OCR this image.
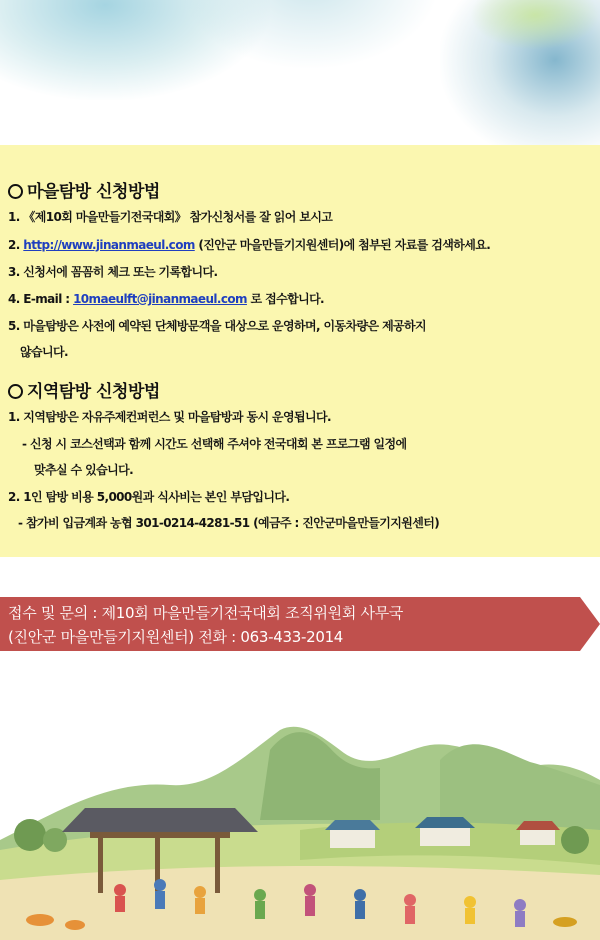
마을탐방 신청방법
1. 《제10회 마을만들기전국대회》 참가신청서를 잘 읽어 보시고
2. http://www.jinanmaeul.com (진안군 마을만들기지원센터)에 첨부된 자료를 검색하세요.
3. 신청서에 꼼꼼히 체크 또는 기록합니다.
4. E-mail : 10maeulft@jinanmaeul.com 로 접수합니다.
5. 마을탐방은 사전에 예약된 단체방문객을 대상으로 운영하며, 이동차량은 제공하지
않습니다.
지역탐방 신청방법
1. 지역탐방은 자유주제컨퍼런스 및 마을탐방과 동시 운영됩니다.
- 신청 시 코스선택과 함께 시간도 선택해 주셔야 전국대회 본 프로그램 일정에
맞추실 수 있습니다.
2. 1인 탐방 비용 5,000원과 식사비는 본인 부담입니다.
- 참가비 입금계좌 농협 301-0214-4281-51 (예금주 : 진안군마을만들기지원센터)
접수 및 문의 : 제10회 마을만들기전국대회 조직위원회 사무국
(진안군 마을만들기지원센터) 전화 : 063-433-2014
